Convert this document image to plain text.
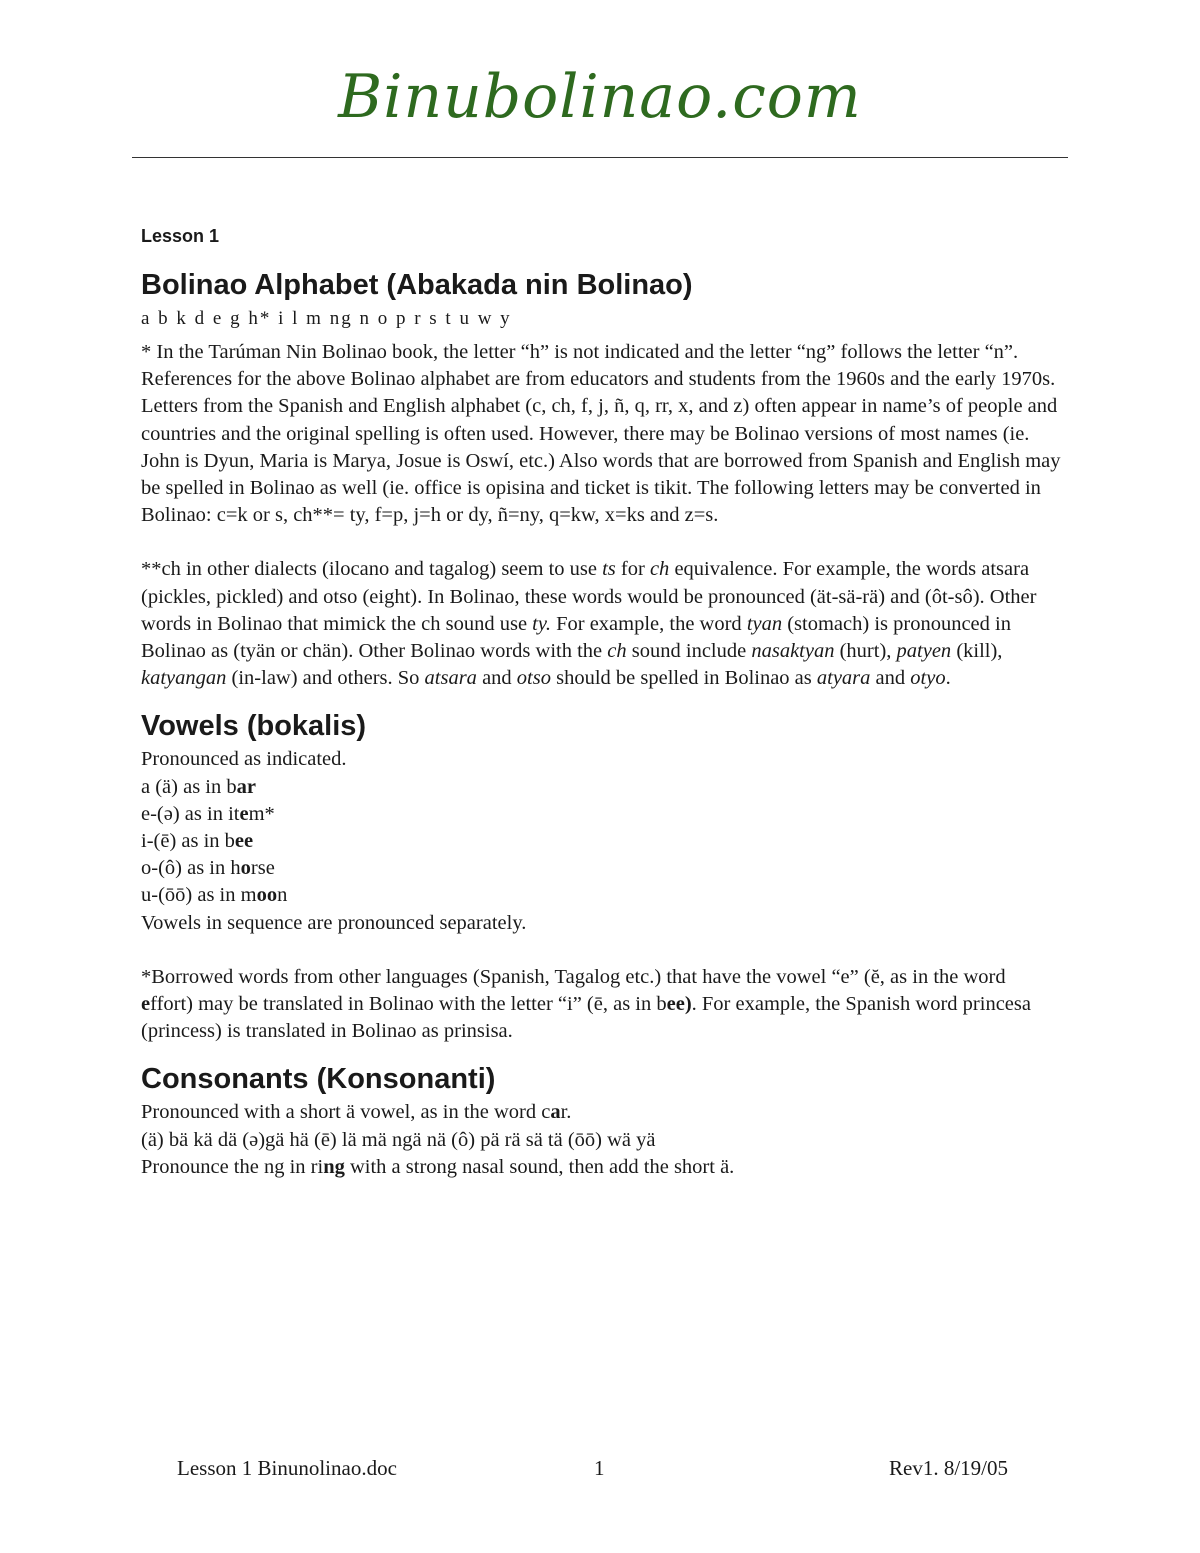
Binubolinao.com
Lesson 1
Bolinao Alphabet (Abakada nin Bolinao)
a b k d e g h* i l m ng n o p r s t u w y

* In the Tarúman Nin Bolinao book, the letter “h” is not indicated and the letter “ng” follows the letter “n”. References for the above Bolinao alphabet are from educators and students from the 1960s and the early 1970s. Letters from the Spanish and English alphabet (c, ch, f, j, ñ, q, rr, x, and z) often appear in name’s of people and countries and the original spelling is often used. However, there may be Bolinao versions of most names (ie. John is Dyun, Maria is Marya, Josue is Oswí, etc.) Also words that are borrowed from Spanish and English may be spelled in Bolinao as well (ie. office is opisina and ticket is tikit. The following letters may be converted in Bolinao: c=k or s, ch**= ty, f=p, j=h or dy, ñ=ny, q=kw, x=ks and z=s.

**ch in other dialects (ilocano and tagalog) seem to use ts for ch equivalence. For example, the words atsara (pickles, pickled) and otso (eight). In Bolinao, these words would be pronounced (ät-sä-rä) and (ôt-sô). Other words in Bolinao that mimick the ch sound use ty. For example, the word tyan (stomach) is pronounced in Bolinao as (tyän or chän). Other Bolinao words with the ch sound include nasaktyan (hurt), patyen (kill), katyangan (in-law) and others. So atsara and otso should be spelled in Bolinao as atyara and otyo.

Vowels (bokalis)

Pronounced as indicated.

a (ä) as in bar

e-(ə) as in item*

i-(ē) as in bee

o-(ô) as in horse

u-(ōō) as in moon

Vowels in sequence are pronounced separately.

*Borrowed words from other languages (Spanish, Tagalog etc.) that have the vowel “e” (ĕ, as in the word effort) may be translated in Bolinao with the letter “i” (ē, as in bee). For example, the Spanish word princesa (princess) is translated in Bolinao as prinsisa.

Consonants (Konsonanti)

Pronounced with a short ä vowel, as in the word car.

(ä) bä kä dä (ə)gä hä (ē) lä mä ngä nä (ô) pä rä sä tä (ōō) wä yä

Pronounce the ng in ring with a strong nasal sound, then add the short ä.

Lesson 1 Binunolinao.doc	1	Rev1. 8/19/05
